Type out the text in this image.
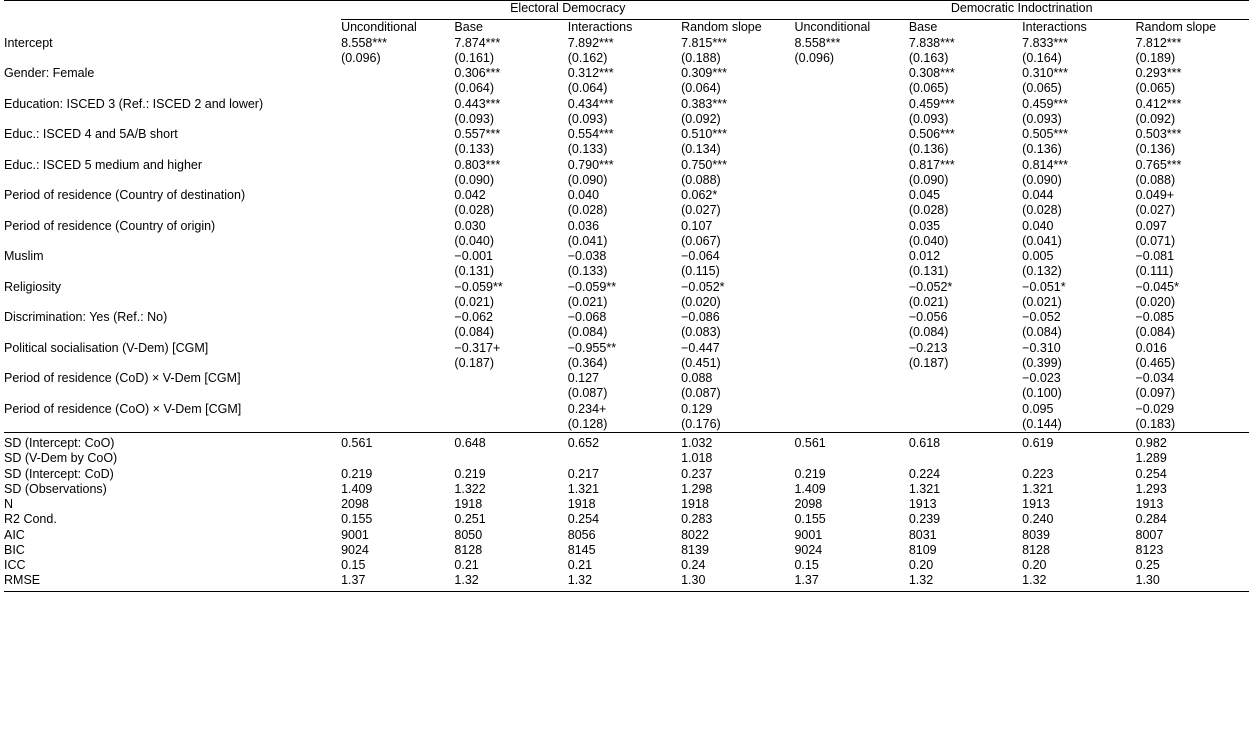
	Electoral Democracy				Democratic Indoctrination			

	Unconditional	Base	Interactions	Random slope	Unconditional	Base	Interactions	Random slope
Intercept	8.558***	7.874***	7.892***	7.815***	8.558***	7.838***	7.833***	7.812***
	(0.096)	(0.161)	(0.162)	(0.188)	(0.096)	(0.163)	(0.164)	(0.189)
Gender: Female		0.306***	0.312***	0.309***		0.308***	0.310***	0.293***
		(0.064)	(0.064)	(0.064)		(0.065)	(0.065)	(0.065)
Education: ISCED 3 (Ref.: ISCED 2 and lower)		0.443***	0.434***	0.383***		0.459***	0.459***	0.412***
		(0.093)	(0.093)	(0.092)		(0.093)	(0.093)	(0.092)
Educ.: ISCED 4 and 5A/B short		0.557***	0.554***	0.510***		0.506***	0.505***	0.503***
		(0.133)	(0.133)	(0.134)		(0.136)	(0.136)	(0.136)
Educ.: ISCED 5 medium and higher		0.803***	0.790***	0.750***		0.817***	0.814***	0.765***
		(0.090)	(0.090)	(0.088)		(0.090)	(0.090)	(0.088)
Period of residence (Country of destination)		0.042	0.040	0.062*		0.045	0.044	0.049+
		(0.028)	(0.028)	(0.027)		(0.028)	(0.028)	(0.027)
Period of residence (Country of origin)		0.030	0.036	0.107		0.035	0.040	0.097
		(0.040)	(0.041)	(0.067)		(0.040)	(0.041)	(0.071)
Muslim		−0.001	−0.038	−0.064		0.012	0.005	−0.081
		(0.131)	(0.133)	(0.115)		(0.131)	(0.132)	(0.111)
Religiosity		−0.059**	−0.059**	−0.052*		−0.052*	−0.051*	−0.045*
		(0.021)	(0.021)	(0.020)		(0.021)	(0.021)	(0.020)
Discrimination: Yes (Ref.: No)		−0.062	−0.068	−0.086		−0.056	−0.052	−0.085
		(0.084)	(0.084)	(0.083)		(0.084)	(0.084)	(0.084)
Political socialisation (V-Dem) [CGM]		−0.317+	−0.955**	−0.447		−0.213	−0.310	0.016
		(0.187)	(0.364)	(0.451)		(0.187)	(0.399)	(0.465)
Period of residence (CoD) × V-Dem [CGM]			0.127	0.088			−0.023	−0.034
			(0.087)	(0.087)			(0.100)	(0.097)
Period of residence (CoO) × V-Dem [CGM]			0.234+	0.129			0.095	−0.029
			(0.128)	(0.176)			(0.144)	(0.183)
SD (Intercept: CoO)	0.561	0.648	0.652	1.032	0.561	0.618	0.619	0.982
SD (V-Dem by CoO)				1.018				1.289
SD (Intercept: CoD)	0.219	0.219	0.217	0.237	0.219	0.224	0.223	0.254
SD (Observations)	1.409	1.322	1.321	1.298	1.409	1.321	1.321	1.293
N	2098	1918	1918	1918	2098	1913	1913	1913
R2 Cond.	0.155	0.251	0.254	0.283	0.155	0.239	0.240	0.284
AIC	9001	8050	8056	8022	9001	8031	8039	8007
BIC	9024	8128	8145	8139	9024	8109	8128	8123
ICC	0.15	0.21	0.21	0.24	0.15	0.20	0.20	0.25
RMSE	1.37	1.32	1.32	1.30	1.37	1.32	1.32	1.30
